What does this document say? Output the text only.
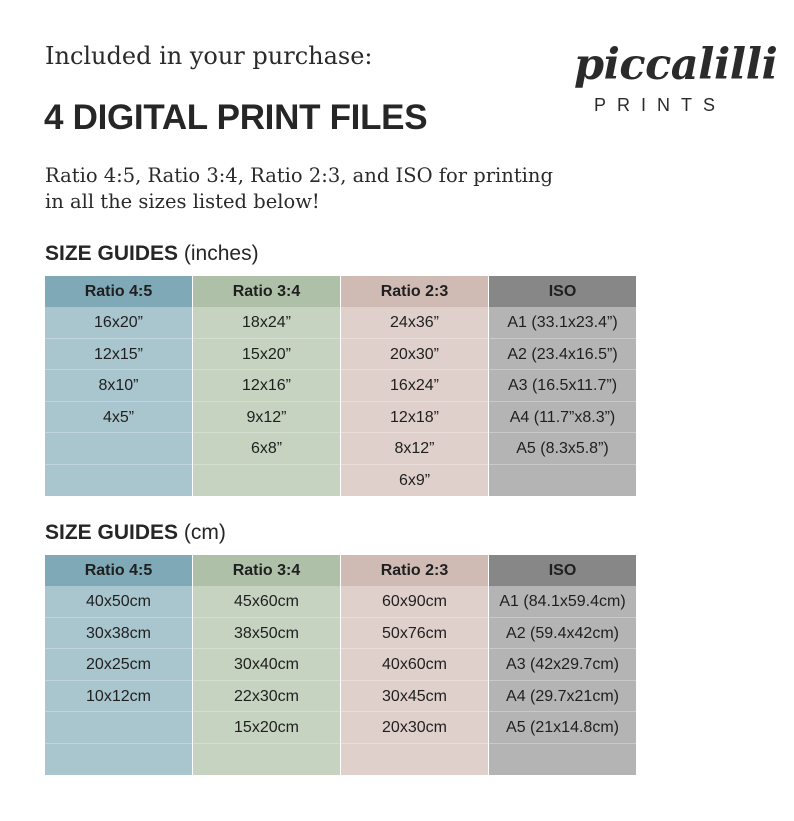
Included in your purchase:
4 DIGITAL PRINT FILES

Ratio 4:5, Ratio 3:4, Ratio 2:3, and ISO for printing
in all the sizes listed below!

piccalilli
PRINTS
SIZE GUIDES (inches)
Ratio 4:5
16x20”
12x15”
8x10”
4x5”
Ratio 3:4
18x24”
15x20”
12x16”
9x12”
6x8”
Ratio 2:3
24x36”
20x30”
16x24”
12x18”
8x12”
6x9”
ISO
A1 (33.1x23.4”)
A2 (23.4x16.5”)
A3 (16.5x11.7”)
A4 (11.7”x8.3”)
A5 (8.3x5.8”)
SIZE GUIDES (cm)
Ratio 4:5
40x50cm
30x38cm
20x25cm
10x12cm
Ratio 3:4
45x60cm
38x50cm
30x40cm
22x30cm
15x20cm
Ratio 2:3
60x90cm
50x76cm
40x60cm
30x45cm
20x30cm
ISO
A1 (84.1x59.4cm)
A2 (59.4x42cm)
A3 (42x29.7cm)
A4 (29.7x21cm)
A5 (21x14.8cm)
